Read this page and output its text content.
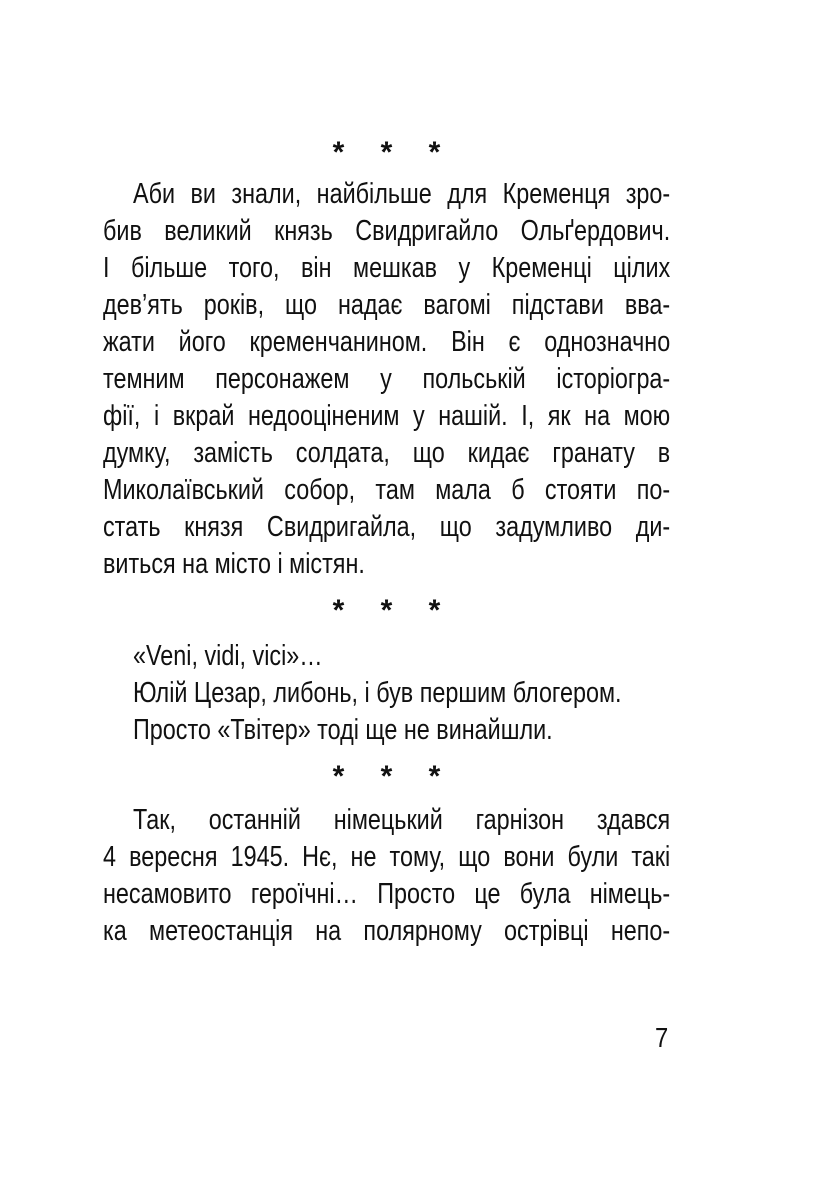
* * *
Аби ви знали, найбільше для Кременця зро-
бив великий князь Свидригайло Ольґердович.
І більше того, він мешкав у Кременці цілих
дев’ять років, що надає вагомі підстави вва-
жати його кременчанином. Він є однозначно
темним персонажем у польській історіогра-
фії, і вкрай недооціненим у нашій. І, як на мою
думку, замість солдата, що кидає гранату в
Миколаївський собор, там мала б стояти по-
стать князя Свидригайла, що задумливо ди-
виться на місто і містян.
* * *
«Veni, vidi, vici»…
Юлій Цезар, либонь, і був першим блогером.
Просто «Твітер» тоді ще не винайшли.
* * *
Так, останній німецький гарнізон здався
4 вересня 1945. Нє, не тому, що вони були такі
несамовито героїчні… Просто це була німець-
ка метеостанція на полярному острівці непо-
7
